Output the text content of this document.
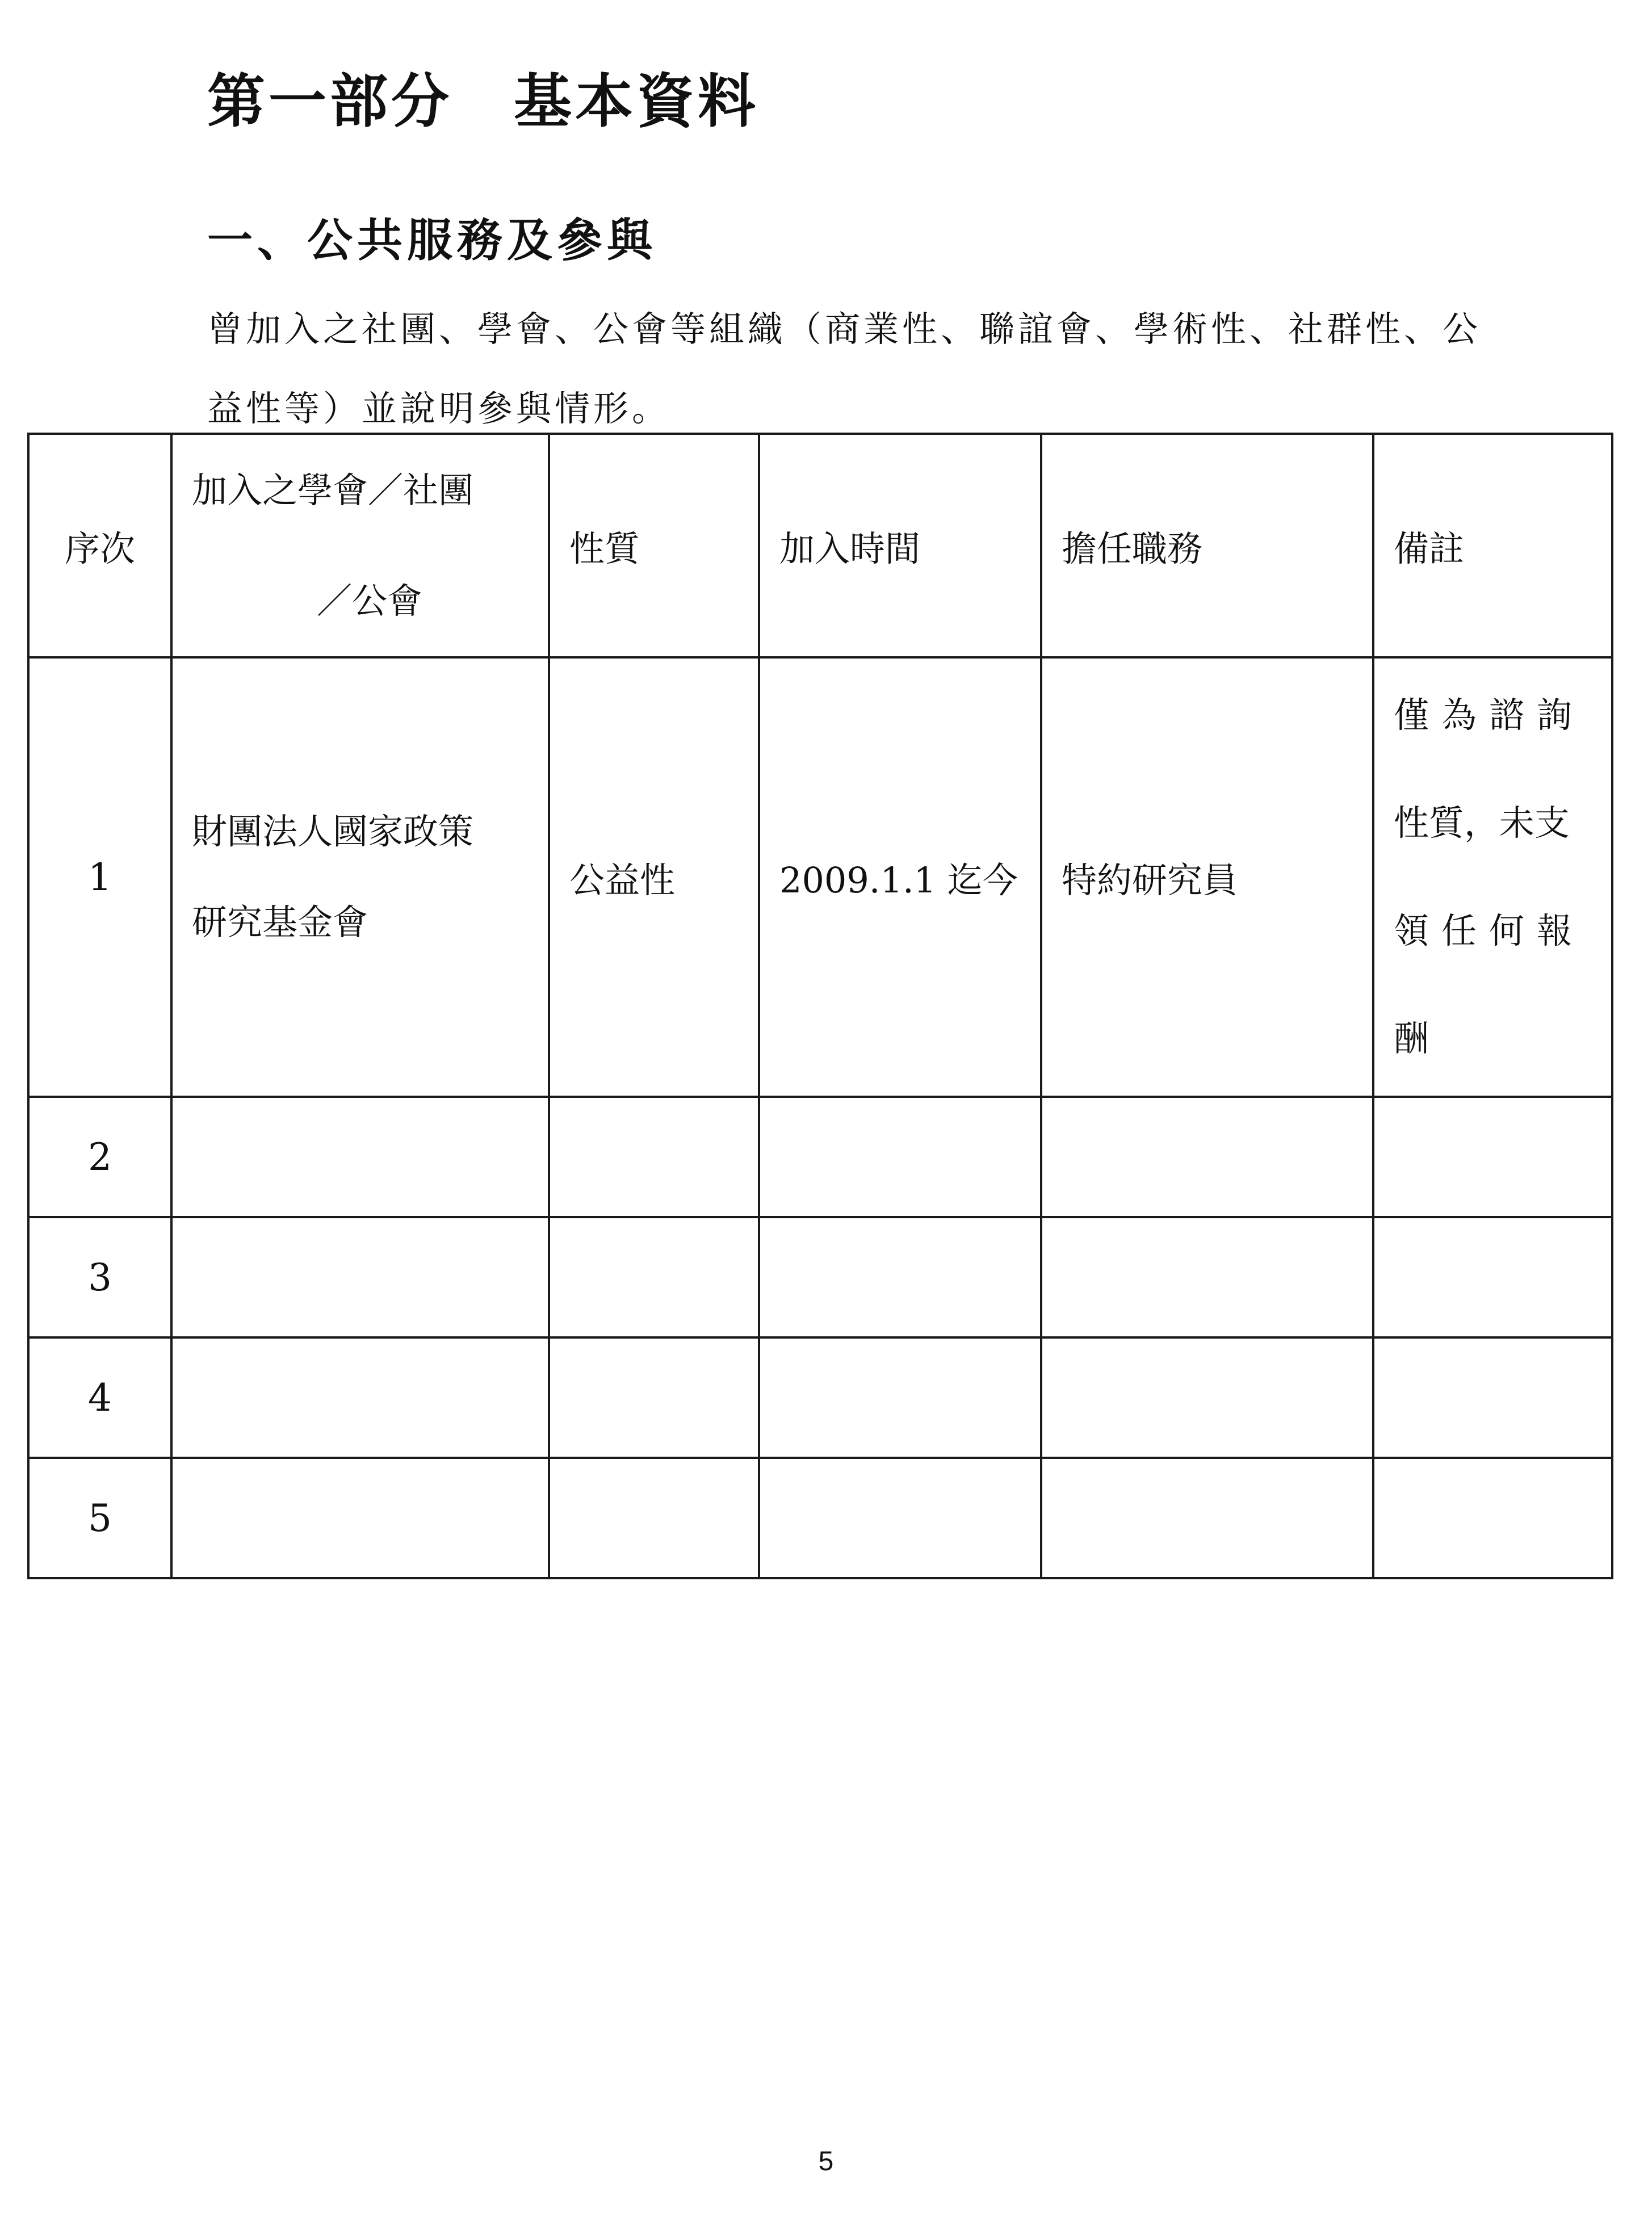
第一部分　基本資料
一、公共服務及參與

曾加入之社團、學會、公會等組織（商業性、聯誼會、學術性、社群性、公

益性等）並說明參與情形。

序次	加入之學會／社團
／公會	性質	加入時間	擔任職務	備註
1	財團法人國家政策
研究基金會	公益性	2009.1.1 迄今	特約研究員	僅為諮詢
性質，未支
領任何報
酬

2					
3					
4					
5					
5
